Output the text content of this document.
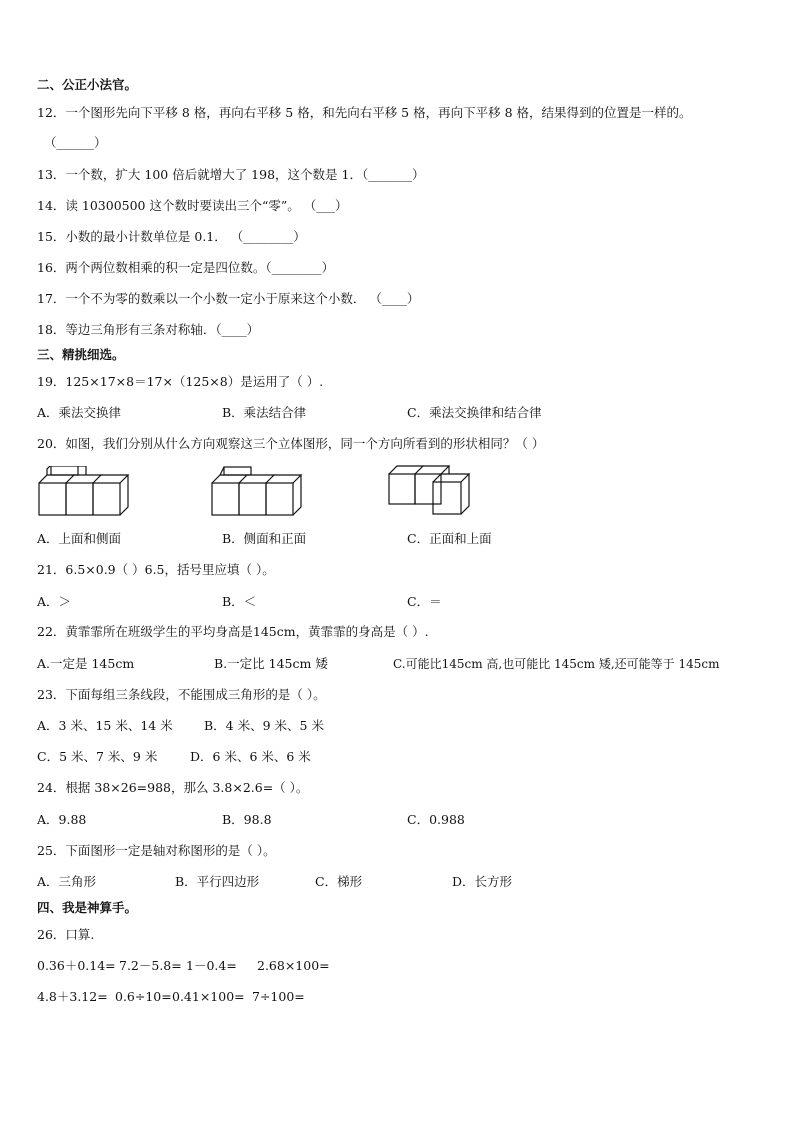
二、公正小法官。
12．一个图形先向下平移 8 格，再向右平移 5 格，和先向右平移 5 格，再向下平移 8 格，结果得到的位置是一样的。
（______）
13．一个数，扩大 100 倍后就增大了 198，这个数是 1．（_______）
14．读 10300500 这个数时要读出三个“零”。 （___）
15．小数的最小计数单位是 0.1． （________）
16．两个两位数相乘的积一定是四位数。（________）
17．一个不为零的数乘以一个小数一定小于原来这个小数． （____）
18．等边三角形有三条对称轴．（____）
三、精挑细选。
19．125×17×8＝17×（125×8）是运用了（ ）.
A．乘法交换律	B．乘法结合律	C．乘法交换律和结合律
20．如图，我们分别从什么方向观察这三个立体图形，同一个方向所看到的形状相同？（ ）
A．上面和侧面	B．侧面和正面	C．正面和上面
21．6.5×0.9（ ）6.5，括号里应填（ ）。
A．＞	B．＜	C．＝
22．黄霏霏所在班级学生的平均身高是145cm，黄霏霏的身高是（ ）.
A.一定是 145cm	B.一定比 145cm 矮	C.可能比145cm 高,也可能比 145cm 矮,还可能等于 145cm
23．下面每组三条线段，不能围成三角形的是（ ）。
A．3 米、15 米、14 米	B．4 米、9 米、5 米
C．5 米、7 米、9 米	D．6 米、6 米、6 米
24．根据 38×26=988，那么 3.8×2.6=（ ）。
A．9.88	B．98.8	C．0.988
25．下面图形一定是轴对称图形的是（ ）。
A．三角形	B．平行四边形	C．梯形	D．长方形
四、我是神算手。
26．口算.
0.36＋0.14= 7.2－5.8= 1－0.4= 2.68×100=
4.8＋3.12= 0.6÷10= 0.41×100= 7÷100=
